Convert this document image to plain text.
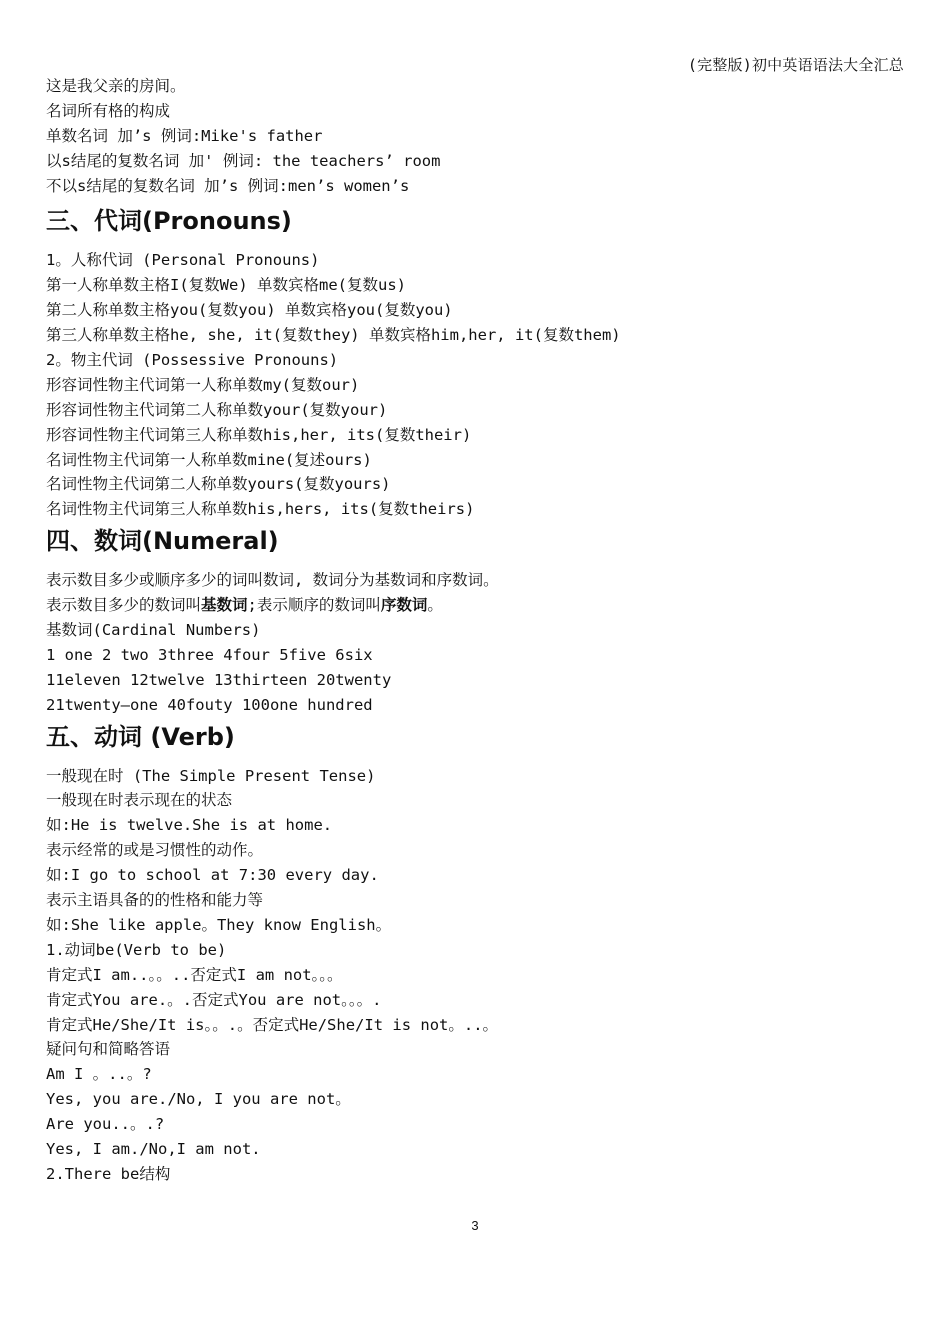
(完整版)初中英语语法大全汇总
这是我父亲的房间。
名词所有格的构成
单数名词 加’s 例词:Mike's father
以s结尾的复数名词 加' 例词: the teachers’ room
不以s结尾的复数名词 加’s 例词:men’s women’s
三、代词(Pronouns)
1。人称代词 (Personal Pronouns)
第一人称单数主格I(复数We) 单数宾格me(复数us)
第二人称单数主格you(复数you) 单数宾格you(复数you)
第三人称单数主格he, she, it(复数they) 单数宾格him,her, it(复数them)
2。物主代词 (Possessive Pronouns)
形容词性物主代词第一人称单数my(复数our)
形容词性物主代词第二人称单数your(复数your)
形容词性物主代词第三人称单数his,her, its(复数their)
名词性物主代词第一人称单数mine(复述ours)
名词性物主代词第二人称单数yours(复数yours)
名词性物主代词第三人称单数his,hers, its(复数theirs)
四、数词(Numeral)
表示数目多少或顺序多少的词叫数词, 数词分为基数词和序数词。
表示数目多少的数词叫基数词;表示顺序的数词叫序数词。
基数词(Cardinal Numbers)
1 one 2 two 3three 4four 5five 6six
11eleven 12twelve 13thirteen 20twenty
21twenty—one 40fouty 100one hundred
五、动词 (Verb)
一般现在时 (The Simple Present Tense)
一般现在时表示现在的状态
如:He is twelve.She is at home.
表示经常的或是习惯性的动作。
如:I go to school at 7:30 every day.
表示主语具备的的性格和能力等
如:She like apple。They know English。
1.动词be(Verb to be)
肯定式I am..。。..否定式I am not。。。
肯定式You are.。.否定式You are not。。。.
肯定式He/She/It is。。.。否定式He/She/It is not。..。
疑问句和简略答语
Am I 。..。?
Yes, you are./No, I you are not。
Are you..。.?
Yes, I am./No,I am not.
2.There be结构
3
